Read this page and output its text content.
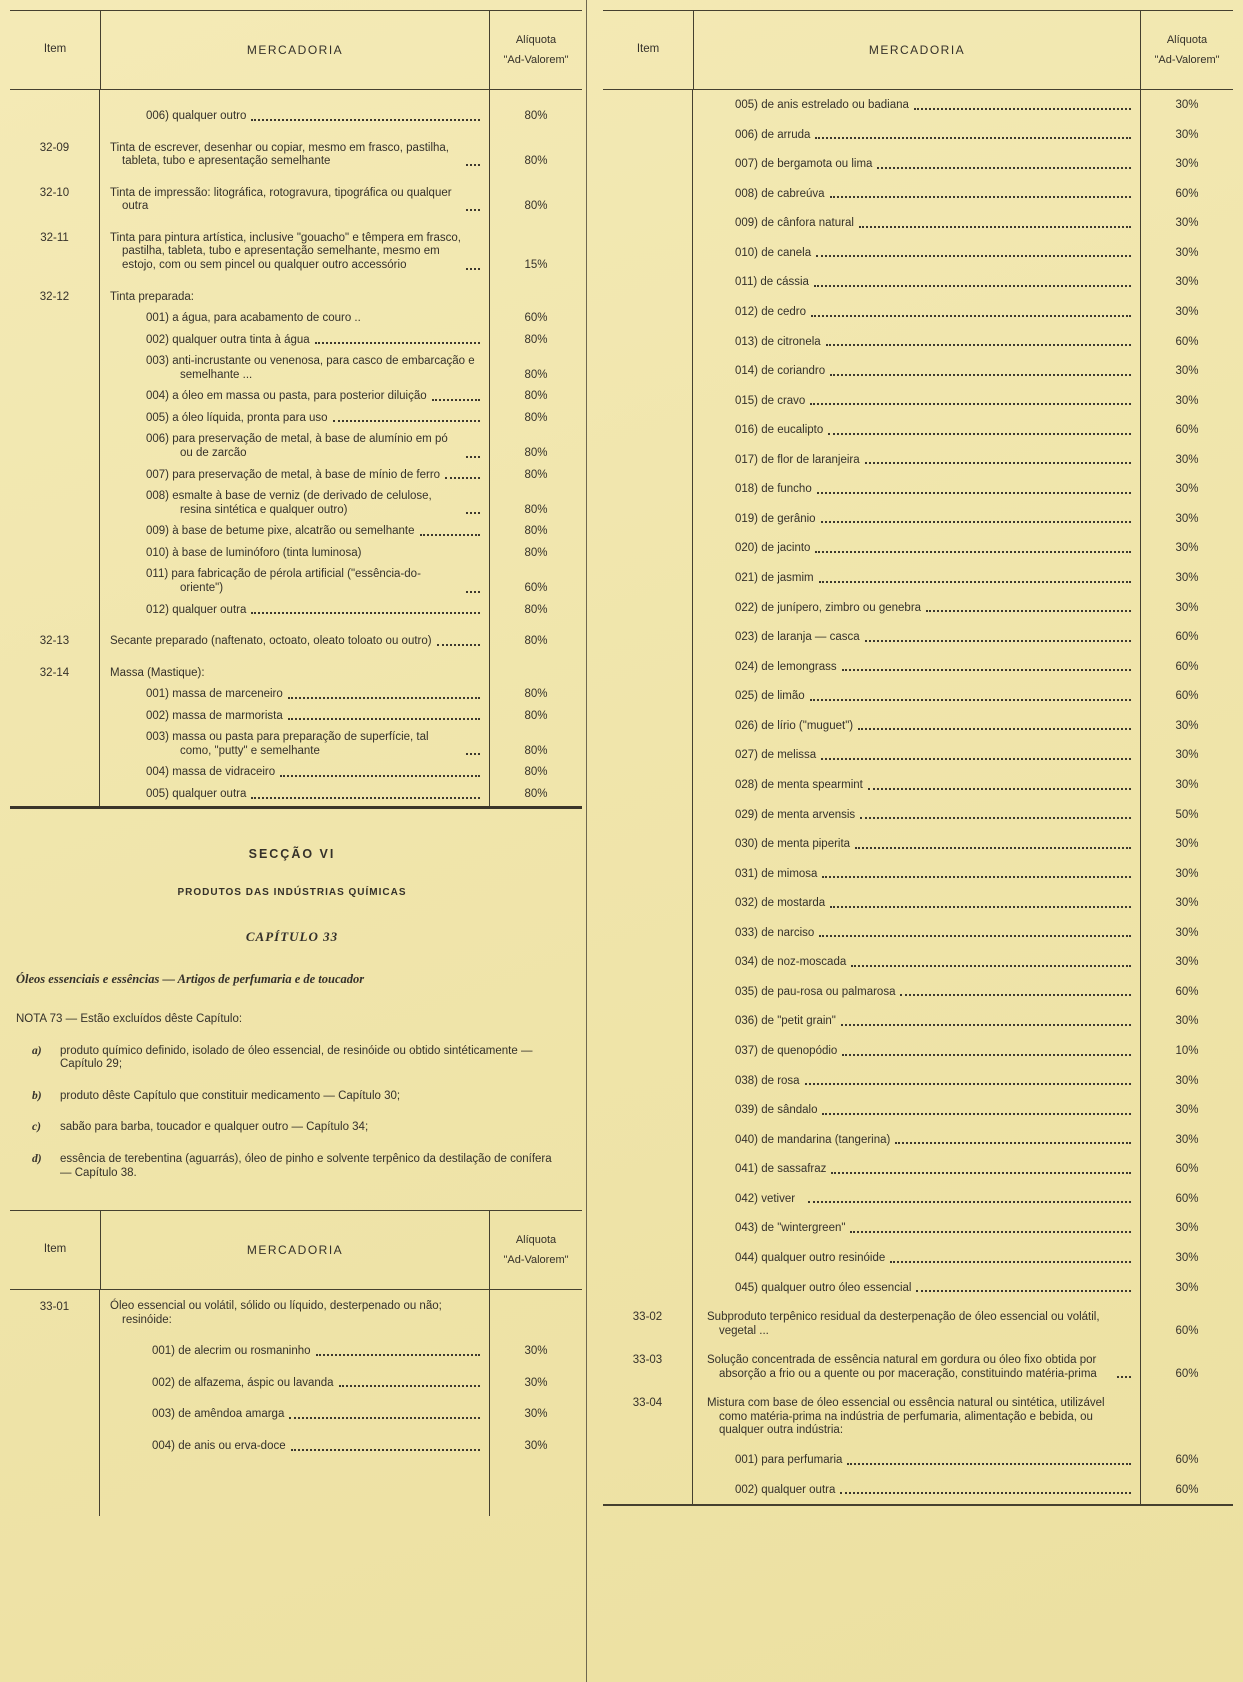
Item	MERCADORIA
Alíquota
"Ad-Valorem"
006) qualquer outro	80%
32-09	Tinta de escrever, desenhar ou copiar, mesmo em frasco, pastilha, tableta, tubo e apresentação semelhante	80%
32-10	Tinta de impressão: litográfica, rotogravura, tipográfica ou qualquer outra	80%
32-11	Tinta para pintura artística, inclusive "gouacho" e têmpera em frasco, pastilha, tableta, tubo e apresentação semelhante, mesmo em estojo, com ou sem pincel ou qualquer outro accessório	15%
32-12	Tinta preparada:
001) a água, para acabamento de couro ..	60%
002) qualquer outra tinta à água	80%
003) anti-incrustante ou venenosa, para casco de embarcação e semelhante ...	80%
004) a óleo em massa ou pasta, para posterior diluição	80%
005) a óleo líquida, pronta para uso	80%
006) para preservação de metal, à base de alumínio em pó ou de zarcão	80%
007) para preservação de metal, à base de mínio de ferro	80%
008) esmalte à base de verniz (de derivado de celulose, resina sintética e qualquer outro)	80%
009) à base de betume pixe, alcatrão ou semelhante	80%
010) à base de luminóforo (tinta luminosa)	80%
011) para fabricação de pérola artificial ("essência-do-oriente")	60%
012) qualquer outra	80%
32-13	Secante preparado (naftenato, octoato, oleato toloato ou outro)	80%
32-14	Massa (Mastique):
001) massa de marceneiro	80%
002) massa de marmorista	80%
003) massa ou pasta para preparação de superfície, tal como, "putty" e semelhante	80%
004) massa de vidraceiro	80%
005) qualquer outra	80%
SECÇÃO VI
PRODUTOS DAS INDÚSTRIAS QUÍMICAS
CAPÍTULO 33
Óleos essenciais e essências — Artigos de perfumaria e de toucador
NOTA 73 — Estão excluídos dêste Capítulo:
a)	produto químico definido, isolado de óleo essencial, de resinóide ou obtido sintéticamente — Capítulo 29;
b)	produto dêste Capítulo que constituir medicamento — Capítulo 30;
c)	sabão para barba, toucador e qualquer outro — Capítulo 34;
d)	essência de terebentina (aguarrás), óleo de pinho e solvente terpênico da destilação de conífera — Capítulo 38.
Item	MERCADORIA
Alíquota
"Ad-Valorem"
33-01	Óleo essencial ou volátil, sólido ou líquido, desterpenado ou não; resinóide:
001) de alecrim ou rosmaninho	30%
002) de alfazema, áspic ou lavanda	30%
003) de amêndoa amarga	30%
004) de anis ou erva-doce	30%
Item	MERCADORIA
Alíquota
"Ad-Valorem"
005) de anis estrelado ou badiana	30%
006) de arruda	30%
007) de bergamota ou lima	30%
008) de cabreúva	60%
009) de cânfora natural	30%
010) de canela	30%
011) de cássia	30%
012) de cedro	30%
013) de citronela	60%
014) de coriandro	30%
015) de cravo	30%
016) de eucalipto	60%
017) de flor de laranjeira	30%
018) de funcho	30%
019) de gerânio	30%
020) de jacinto	30%
021) de jasmim	30%
022) de junípero, zimbro ou genebra	30%
023) de laranja — casca	60%
024) de lemongrass	60%
025) de limão	60%
026) de lírio ("muguet")	30%
027) de melissa	30%
028) de menta spearmint	30%
029) de menta arvensis	50%
030) de menta piperita	30%
031) de mimosa	30%
032) de mostarda	30%
033) de narciso	30%
034) de noz-moscada	30%
035) de pau-rosa ou palmarosa	60%
036) de "petit grain"	30%
037) de quenopódio	10%
038) de rosa	30%
039) de sândalo	30%
040) de mandarina (tangerina)	30%
041) de sassafraz	60%
042) vetiver	60%
043) de "wintergreen"	30%
044) qualquer outro resinóide	30%
045) qualquer outro óleo essencial	30%
33-02	Subproduto terpênico residual da desterpenação de óleo essencial ou volátil, vegetal ...	60%
33-03	Solução concentrada de essência natural em gordura ou óleo fixo obtida por absorção a frio ou a quente ou por maceração, constituindo matéria-prima	60%
33-04	Mistura com base de óleo essencial ou essência natural ou sintética, utilizável como matéria-prima na indústria de perfumaria, alimentação e bebida, ou qualquer outra indústria:
001) para perfumaria	60%
002) qualquer outra	60%
